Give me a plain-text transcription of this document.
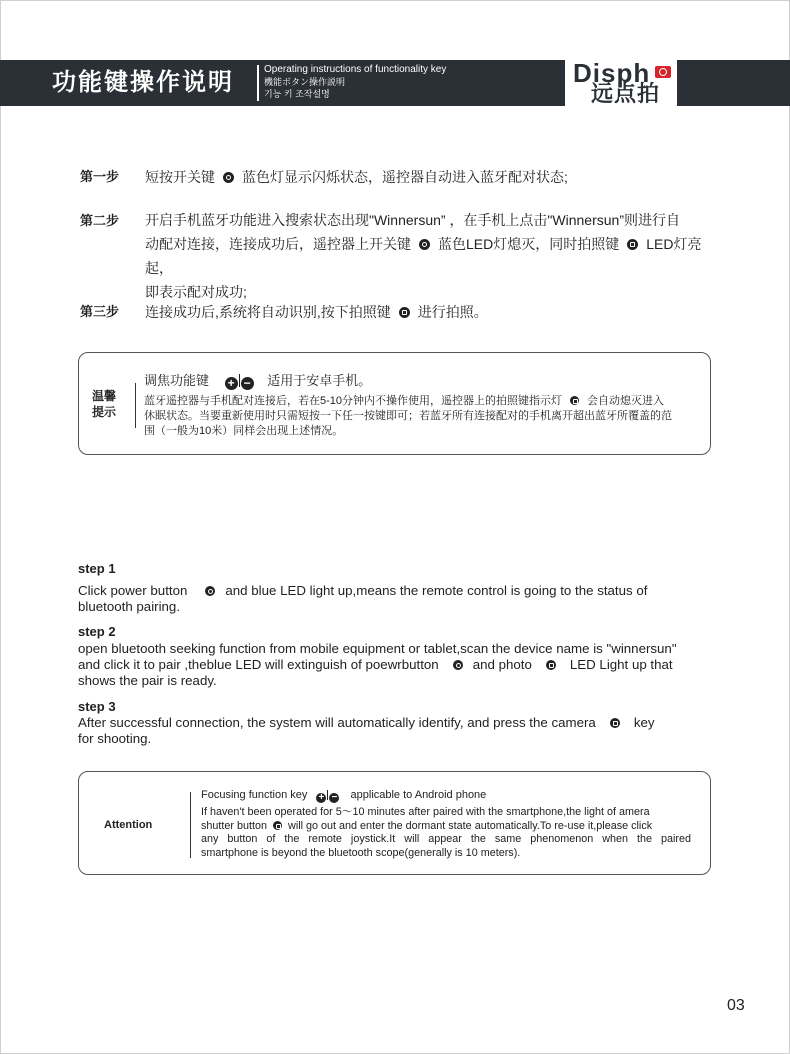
功能键操作说明	Operating instructions of functionality key
機能ボタン操作説明
기능 키 조작설명
Disph
远点拍
第一步 短按开关键 蓝色灯显示闪烁状态，遥控器自动进入蓝牙配对状态;
第二步 开启手机蓝牙功能进入搜索状态出现"Winnersun” ，在手机上点击"Winnersun”则进行自
动配对连接，连接成功后，遥控器上开关键 蓝色LED灯熄灭，同时拍照键 LED灯亮起，
即表示配对成功;
第三步 连接成功后,系统将自动识别,按下拍照键 进行拍照。
温馨
提示
调焦功能键 + − 适用于安卓手机。
蓝牙遥控器与手机配对连接后，若在5-10分钟内不操作使用，遥控器上的拍照键指示灯 会自动熄灭进入
休眠状态。当要重新使用时只需短按一下任一按键即可；若蓝牙所有连接配对的手机离开超出蓝牙所覆盖的范
围（一般为10米）同样会出现上述情况。
step 1
Click power button	and blue LED light up,means the remote control is going to the status of
bluetooth pairing.
step 2
open bluetooth seeking function from mobile equipment or tablet,scan the device name is "winnersun"
and click it to pair ,theblue LED will extinguish of poewrbutton	and photo	LED Light up that
shows the pair is ready.
step 3
After successful connection, the system will automatically identify, and press the camera	key
for shooting.
Attention
Focusing function key + − applicable to Android phone
If haven't been operated for 5～10 minutes after paired with the smartphone,the light of amera
shutter button will go out and enter the dormant state automatically.To re-use it,please click
any button of the remote joystick.It will appear the same phenomenon when the paired
smartphone is beyond the bluetooth scope(generally is 10 meters).
03
